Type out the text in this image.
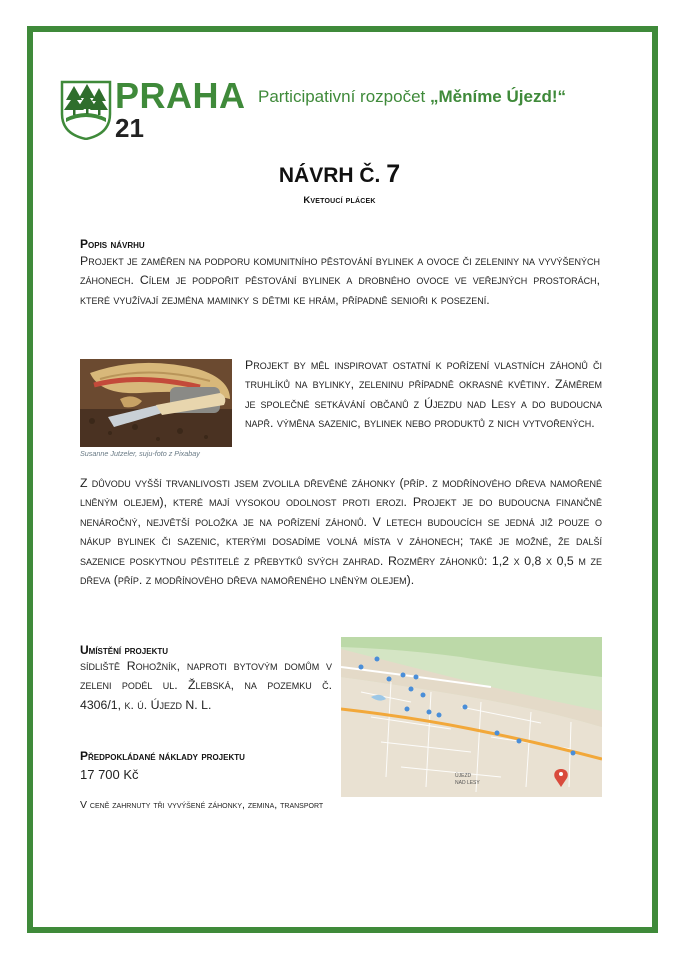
PRAHA
21
Participativní rozpočet „Měníme Újezd!“
NÁVRH Č. 7
Kvetoucí plácek
Popis návrhu
Projekt je zaměřen na podporu komunitního pěstování bylinek a ovoce či zeleniny na vyvýšených záhonech. Cílem je podpořit pěstování bylinek a drobného ovoce ve veřejných prostorách, které využívají zejména maminky s dětmi ke hrám, případně senioři k posezení.
Susanne Jutzeler, suju-foto z Pixabay
Projekt by měl inspirovat ostatní k pořízení vlastních záhonů či truhlíků na bylinky, zeleninu případně okrasné květiny. Záměrem je společné setkávání občanů z Újezdu nad Lesy a do budoucna např. výměna sazenic, bylinek nebo produktů z nich vytvořených.
Z důvodu vyšší trvanlivosti jsem zvolila dřevěné záhonky (příp. z modřínového dřeva namořené lněným olejem), které mají vysokou odolnost proti erozi. Projekt je do budoucna finančně nenáročný, největší položka je na pořízení záhonů. V letech budoucích se jedná již pouze o nákup bylinek či sazenic, kterými dosadíme volná místa v záhonech; také je možné, že další sazenice poskytnou pěstitelé z přebytků svých zahrad. Rozměry záhonků: 1,2 x 0,8 x 0,5 m ze dřeva (příp. z modřínového dřeva namořeného lněným olejem).
Umístění projektu
sídliště Rohožník, naproti bytovým domům v zeleni podél ul. Žlebská, na pozemku č. 4306/1, k. ú. Újezd N. L.
ÚJEZD
NAD LESY
Předpokládané náklady projektu
17 700 Kč
V ceně zahrnuty tři vyvýšené záhonky, zemina, transport
